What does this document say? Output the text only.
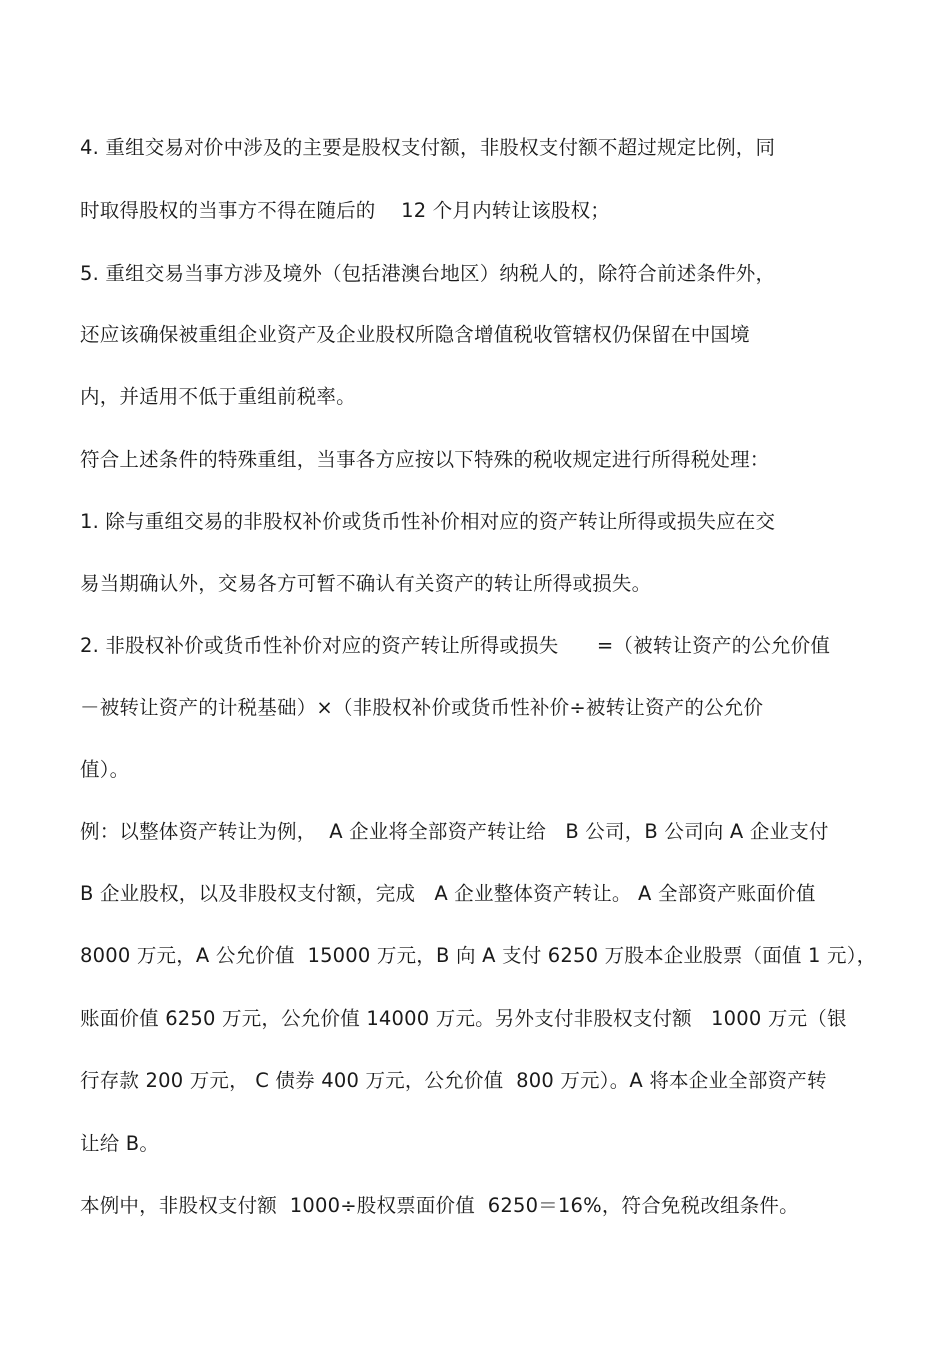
4. 重组交易对价中涉及的主要是股权支付额，非股权支付额不超过规定比例，同
时取得股权的当事方不得在随后的    12 个月内转让该股权；
5. 重组交易当事方涉及境外（包括港澳台地区）纳税人的，除符合前述条件外，
还应该确保被重组企业资产及企业股权所隐含增值税收管辖权仍保留在中国境
内，并适用不低于重组前税率。
符合上述条件的特殊重组，当事各方应按以下特殊的税收规定进行所得税处理：
1. 除与重组交易的非股权补价或货币性补价相对应的资产转让所得或损失应在交
易当期确认外，交易各方可暂不确认有关资产的转让所得或损失。
2. 非股权补价或货币性补价对应的资产转让所得或损失      =（被转让资产的公允价值
－被转让资产的计税基础）×（非股权补价或货币性补价÷被转让资产的公允价
值）。
例：以整体资产转让为例，  A 企业将全部资产转让给   B 公司，B 公司向 A 企业支付
B 企业股权，以及非股权支付额，完成   A 企业整体资产转让。 A 全部资产账面价值
8000 万元，A 公允价值  15000 万元，B 向 A 支付 6250 万股本企业股票（面值 1 元），
账面价值 6250 万元，公允价值 14000 万元。另外支付非股权支付额   1000 万元（银
行存款 200 万元， C 债券 400 万元，公允价值  800 万元）。A 将本企业全部资产转
让给 B。
本例中，非股权支付额  1000÷股权票面价值  6250＝16%，符合免税改组条件。
